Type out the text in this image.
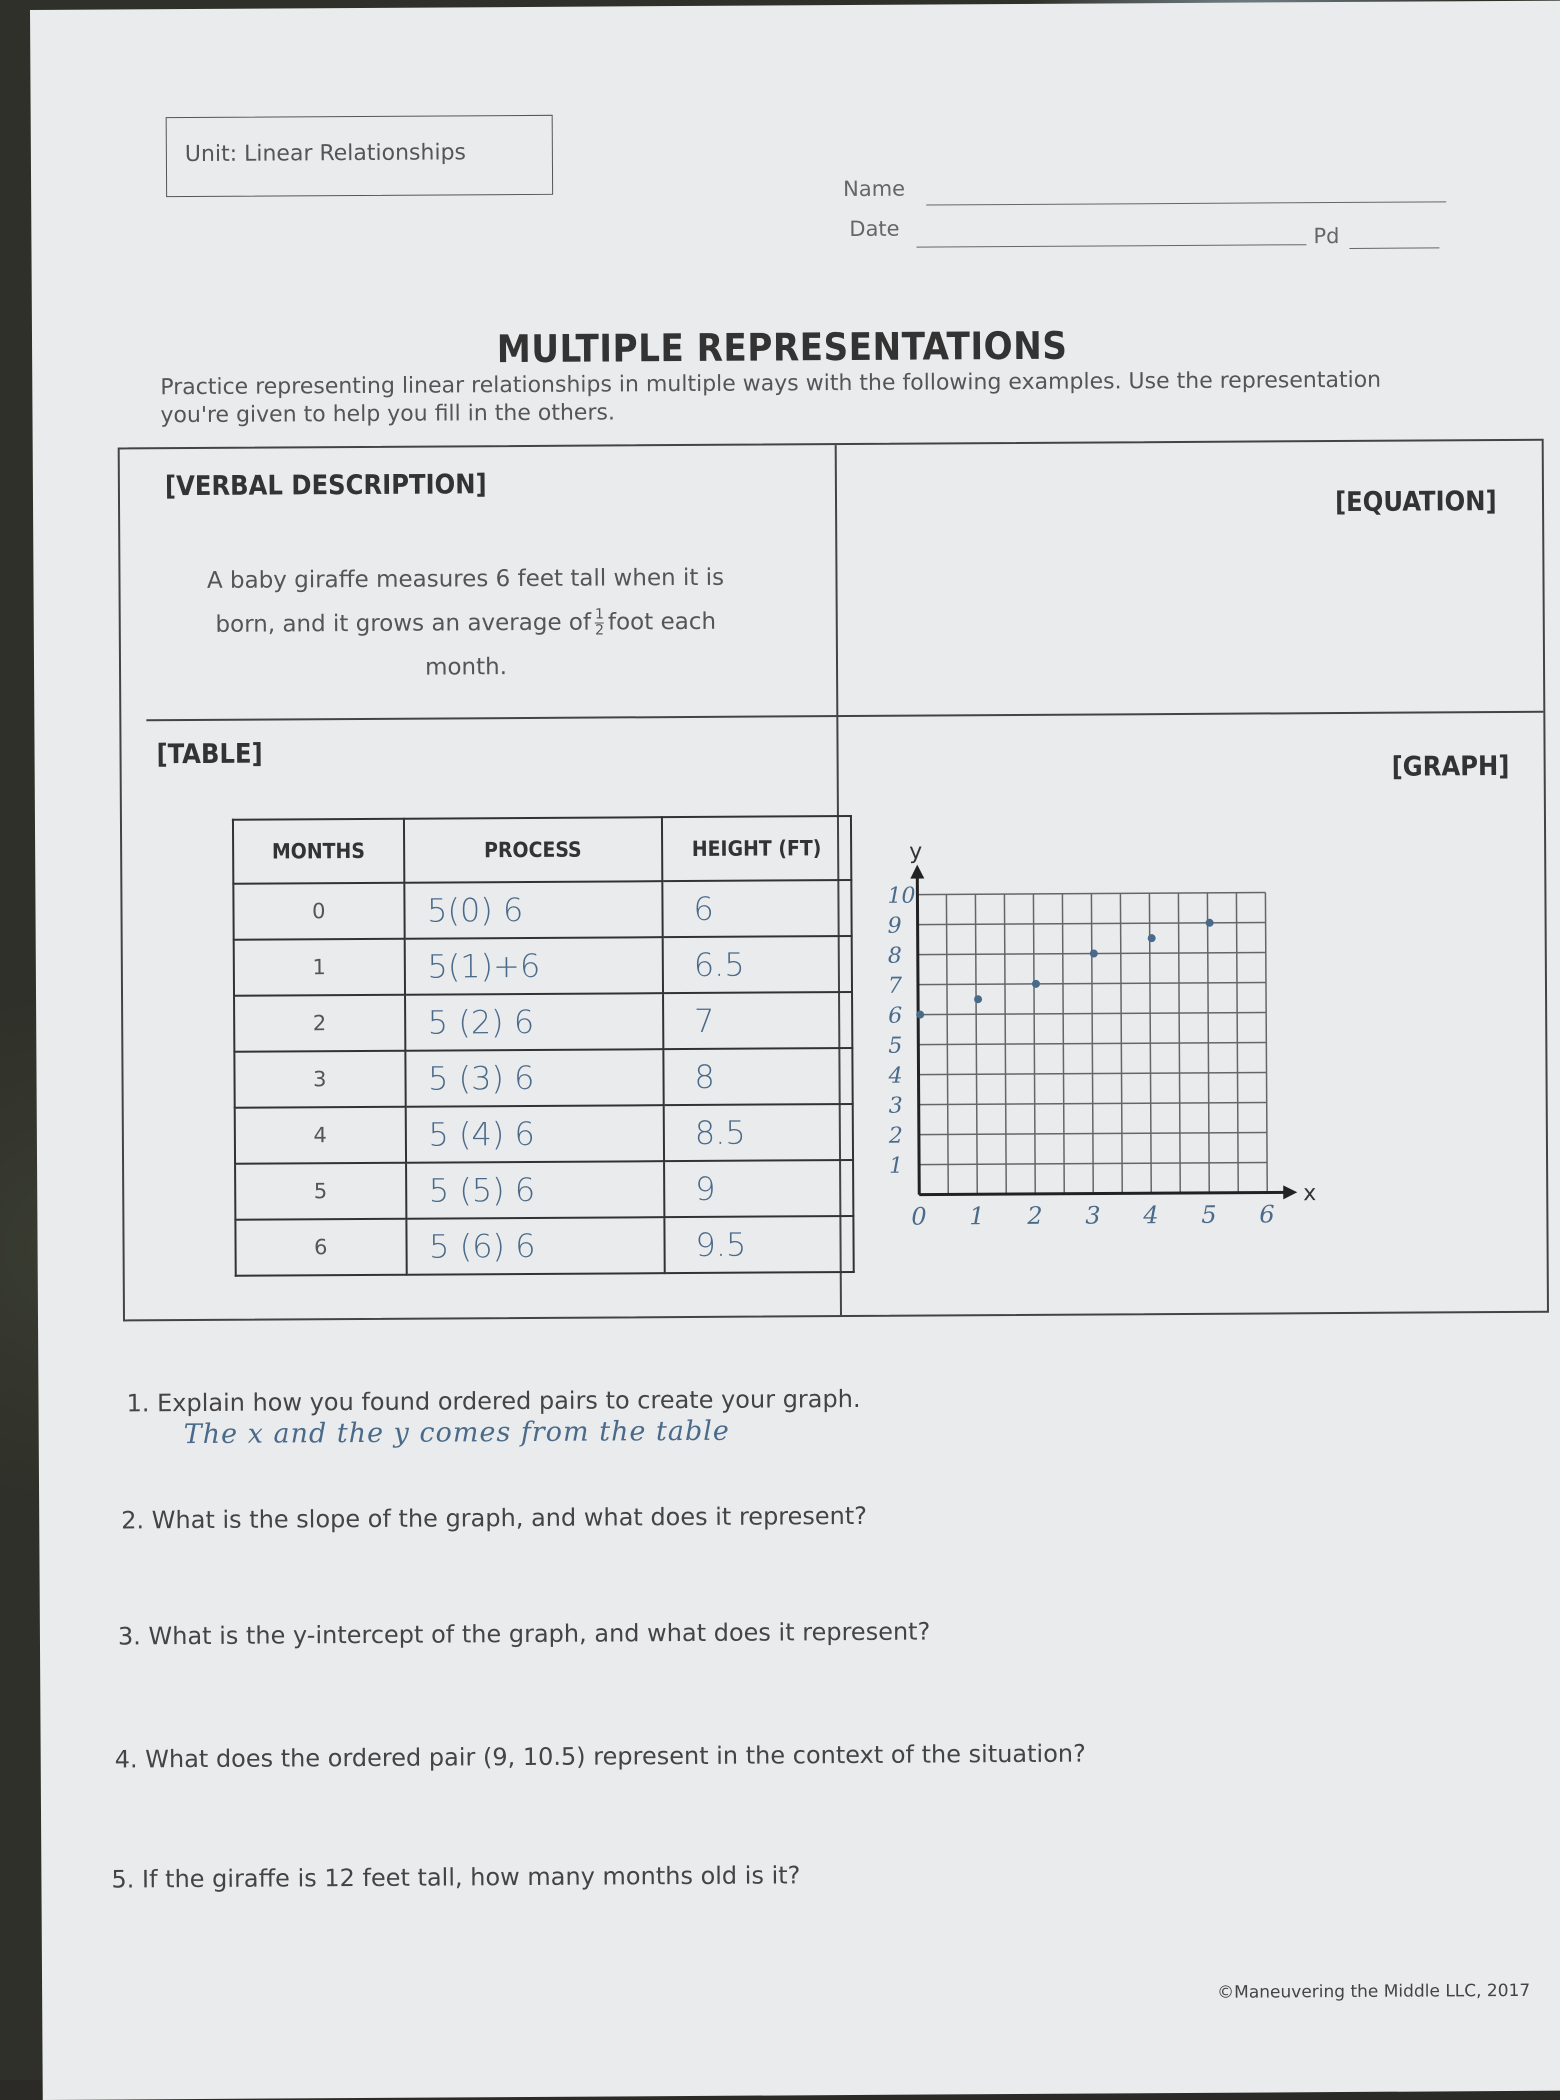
Unit: Linear Relationships
Name
Date	Pd
MULTIPLE REPRESENTATIONS
Practice representing linear relationships in multiple ways with the following examples. Use the representation you're given to help you fill in the others.
[VERBAL DESCRIPTION]	[EQUATION]
[TABLE]	[GRAPH]
A baby giraffe measures 6 feet tall when it is
born, and it grows an average of $\frac{1}{2}$ foot each
month.
MONTHS	PROCESS	HEIGHT (FT)
0	5(0) 6	6
1	5(1)+6	6.5
2	5 (2) 6	7
3	5 (3) 6	8
4	5 (4) 6	8.5
5	5 (5) 6	9
6	5 (6) 6	9.5
y
x
10
9
8
7
6
5
4
3
2
1
0 1 2 3 4 5 6
1. Explain how you found ordered pairs to create your graph.
The x and the y comes from the table
2. What is the slope of the graph, and what does it represent?
3. What is the y-intercept of the graph, and what does it represent?
4. What does the ordered pair (9, 10.5) represent in the context of the situation?
5. If the giraffe is 12 feet tall, how many months old is it?
©Maneuvering the Middle LLC, 2017
